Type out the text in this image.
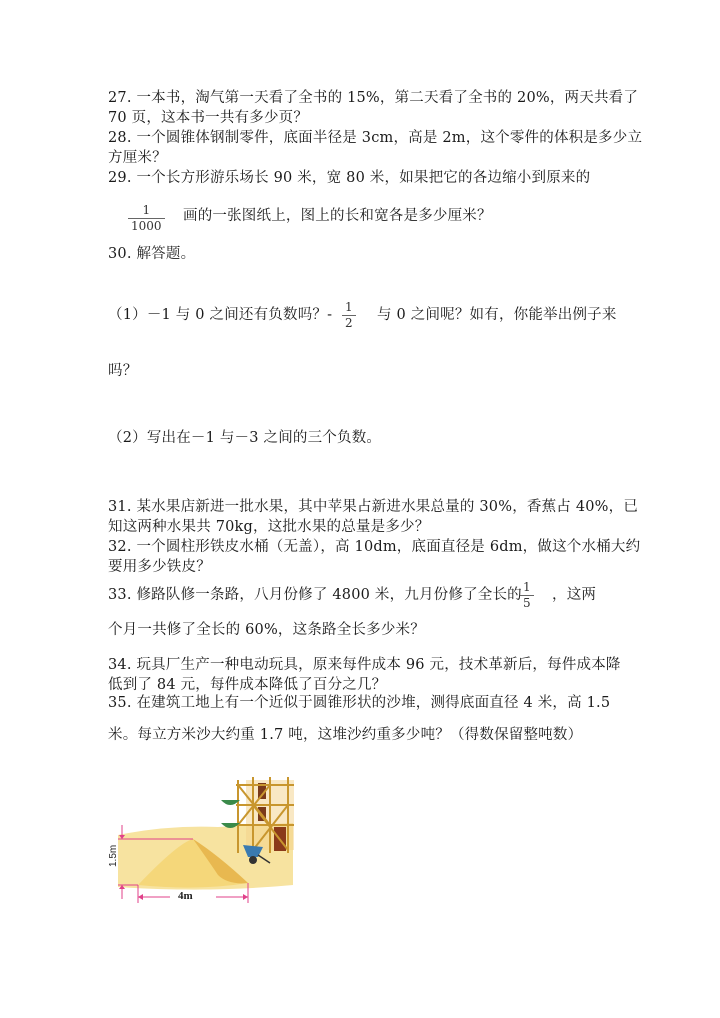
27. 一本书，淘气第一天看了全书的 15%，第二天看了全书的 20%，两天共看了
70 页，这本书一共有多少页？
28. 一个圆锥体钢制零件，底面半径是 3cm，高是 2m，这个零件的体积是多少立
方厘米？
29. 一个长方形游乐场长 90 米，宽 80 米，如果把它的各边缩小到原来的
1
1000
画的一张图纸上，图上的长和宽各是多少厘米？
30. 解答题。
（1）－1 与 0 之间还有负数吗？- 1
2 与 0 之间呢？如有，你能举出例子来
吗？
（2）写出在－1 与－3 之间的三个负数。
31. 某水果店新进一批水果，其中苹果占新进水果总量的 30%，香蕉占 40%，已
知这两种水果共 70kg，这批水果的总量是多少？
32. 一个圆柱形铁皮水桶（无盖），高 10dm，底面直径是 6dm，做这个水桶大约
要用多少铁皮？
33. 修路队修一条路，八月份修了 4800 米，九月份修了全长的 1
5 ，这两
个月一共修了全长的 60%，这条路全长多少米？
34. 玩具厂生产一种电动玩具，原来每件成本 96 元，技术革新后，每件成本降
低到了 84 元，每件成本降低了百分之几？
35. 在建筑工地上有一个近似于圆锥形状的沙堆，测得底面直径 4 米，高 1.5
米。每立方米沙大约重 1.7 吨，这堆沙约重多少吨？（得数保留整吨数）
1.5m
4m
